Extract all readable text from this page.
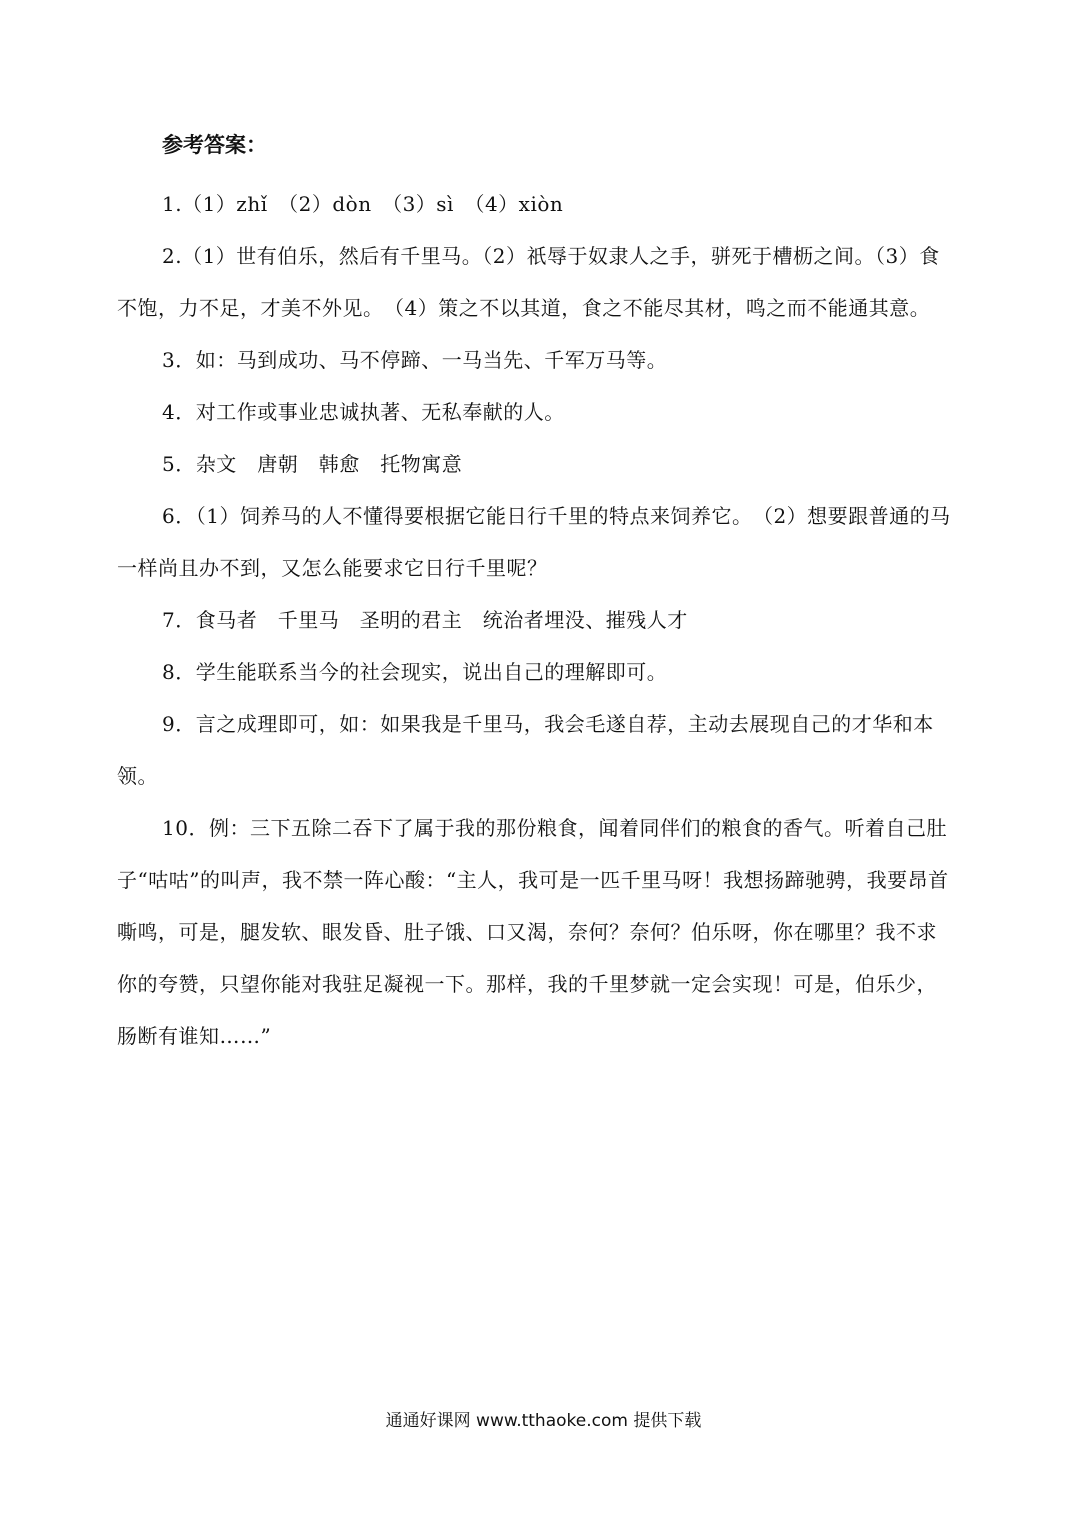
参考答案：

1.（1）zhǐ　（2）dòn　（3）sì　（4）xiòn

2.（1）世有伯乐，然后有千里马。（2）祇辱于奴隶人之手，骈死于槽枥之间。（3）食不饱，力不足，才美不外见。　（4）策之不以其道，食之不能尽其材，鸣之而不能通其意。

3．如：马到成功、马不停蹄、一马当先、千军万马等。

4．对工作或事业忠诚执著、无私奉献的人。

5．杂文　唐朝　韩愈　托物寓意

6．（1）饲养马的人不懂得要根据它能日行千里的特点来饲养它。　（2）想要跟普通的马一样尚且办不到，又怎么能要求它日行千里呢？

7．食马者　千里马　圣明的君主　统治者埋没、摧残人才

8．学生能联系当今的社会现实，说出自己的理解即可。

9．言之成理即可，如：如果我是千里马，我会毛遂自荐，主动去展现自己的才华和本领。

10．例：三下五除二吞下了属于我的那份粮食，闻着同伴们的粮食的香气。听着自己肚子“咕咕”的叫声，我不禁一阵心酸：“主人，我可是一匹千里马呀！我想扬蹄驰骋，我要昂首嘶鸣，可是，腿发软、眼发昏、肚子饿、口又渴，奈何？奈何？伯乐呀，你在哪里？我不求你的夸赞，只望你能对我驻足凝视一下。那样，我的千里梦就一定会实现！可是，伯乐少，肠断有谁知……”

通通好课网 www.tthaoke.com 提供下载
